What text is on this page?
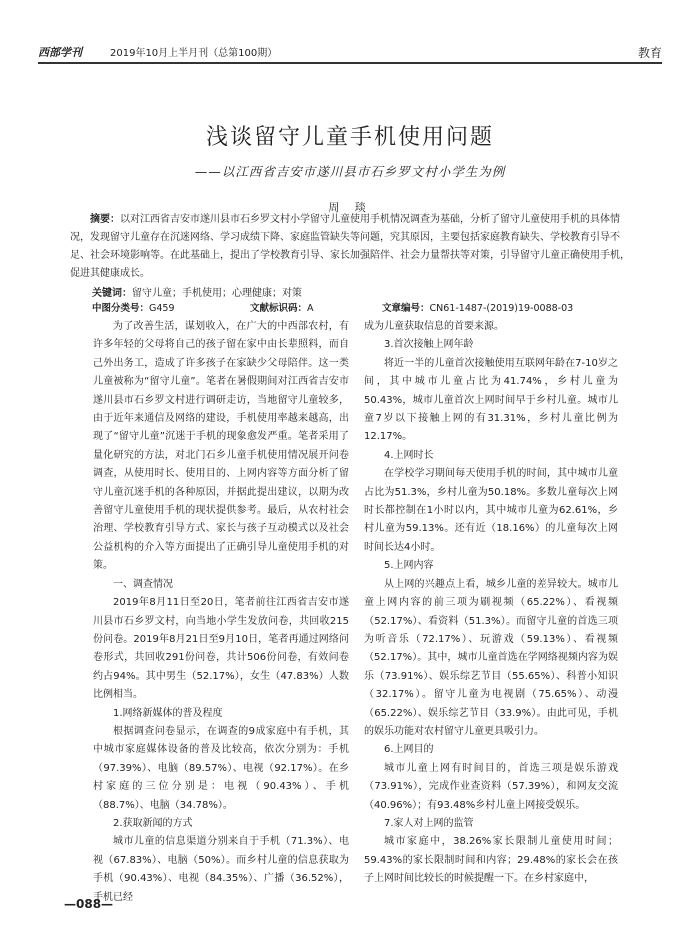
西部学刊	2019年10月上半月刊（总第100期）	教育
浅谈留守儿童手机使用问题
——以江西省吉安市遂川县市石乡罗文村小学生为例
周 琰
摘要：以对江西省吉安市遂川县市石乡罗文村小学留守儿童使用手机情况调查为基础，分析了留守儿童使用手机的具体情况，发现留守儿童存在沉迷网络、学习成绩下降、家庭监管缺失等问题，究其原因，主要包括家庭教育缺失、学校教育引导不足、社会环境影响等。在此基础上，提出了学校教育引导、家长加强陪伴、社会力量帮扶等对策，引导留守儿童正确使用手机，促进其健康成长。
关键词：留守儿童；手机使用；心理健康；对策
中图分类号：G459	文献标识码：A	文章编号：CN61-1487-(2019)19-0088-03

为了改善生活，谋划收入，在广大的中西部农村，有许多年轻的父母将自己的孩子留在家中由长辈照料，而自己外出务工，造成了许多孩子在家缺少父母陪伴。这一类儿童被称为“留守儿童”。笔者在暑假期间对江西省吉安市遂川县市石乡罗文村进行调研走访，当地留守儿童较多，由于近年来通信及网络的建设，手机使用率越来越高，出现了“留守儿童”沉迷于手机的现象愈发严重。笔者采用了量化研究的方法，对北门石乡儿童手机使用情况展开问卷调查，从使用时长、使用目的、上网内容等方面分析了留守儿童沉迷手机的各种原因，并据此提出建议，以期为改善留守儿童使用手机的现状提供参考。最后，从农村社会治理、学校教育引导方式、家长与孩子互动模式以及社会公益机构的介入等方面提出了正确引导儿童使用手机的对策。

一、调查情况

2019年8月11日至20日，笔者前往江西省吉安市遂川县市石乡罗文村，向当地小学生发放问卷，共回收215份问卷。2019年8月21日至9月10日，笔者再通过网络问卷形式，共回收291份问卷，共计506份问卷，有效问卷约占94%。其中男生（52.17%），女生（47.83%）人数比例相当。

1.网络新媒体的普及程度

根据调查问卷显示，在调查的9成家庭中有手机，其中城市家庭媒体设备的普及比较高，依次分别为：手机（97.39%）、电脑（89.57%）、电视（92.17%）。在乡村家庭的三位分别是：电视（90.43%）、手机（88.7%）、电脑（34.78%）。

2.获取新闻的方式

城市儿童的信息渠道分别来自于手机（71.3%）、电视（67.83%）、电脑（50%）。而乡村儿童的信息获取为手机（90.43%）、电视（84.35%）、广播（36.52%），手机已经

成为儿童获取信息的首要来源。

3.首次接触上网年龄

将近一半的儿童首次接触使用互联网年龄在7-10岁之间，其中城市儿童占比为41.74%，乡村儿童为50.43%，城市儿童首次上网时间早于乡村儿童。城市儿童7岁以下接触上网的有31.31%，乡村儿童比例为12.17%。

4.上网时长

在学校学习期间每天使用手机的时间，其中城市儿童占比为51.3%，乡村儿童为50.18%。多数儿童每次上网时长都控制在1小时以内，其中城市儿童为62.61%，乡村儿童为59.13%。还有近（18.16%）的儿童每次上网时间长达4小时。

5.上网内容

从上网的兴趣点上看，城乡儿童的差异较大。城市儿童上网内容的前三项为刷视频（65.22%）、看视频（52.17%）、看资料（51.3%）。而留守儿童的首选三项为听音乐（72.17%）、玩游戏（59.13%）、看视频（52.17%）。其中，城市儿童首选在学网络视频内容为娱乐（73.91%）、娱乐综艺节目（55.65%）、科普小知识（32.17%）。留守儿童为电视剧（75.65%）、动漫（65.22%）、娱乐综艺节目（33.9%）。由此可见，手机的娱乐功能对农村留守儿童更具吸引力。

6.上网目的

城市儿童上网有时间目的，首选三项是娱乐游戏（73.91%），完成作业查资料（57.39%），和网友交流（40.96%）；有93.48%乡村儿童上网接受娱乐。

7.家人对上网的监管

城市家庭中，38.26%家长限制儿童使用时间；59.43%的家长限制时间和内容；29.48%的家长会在孩子上网时间比较长的时候提醒一下。在乡村家庭中，

—088—
